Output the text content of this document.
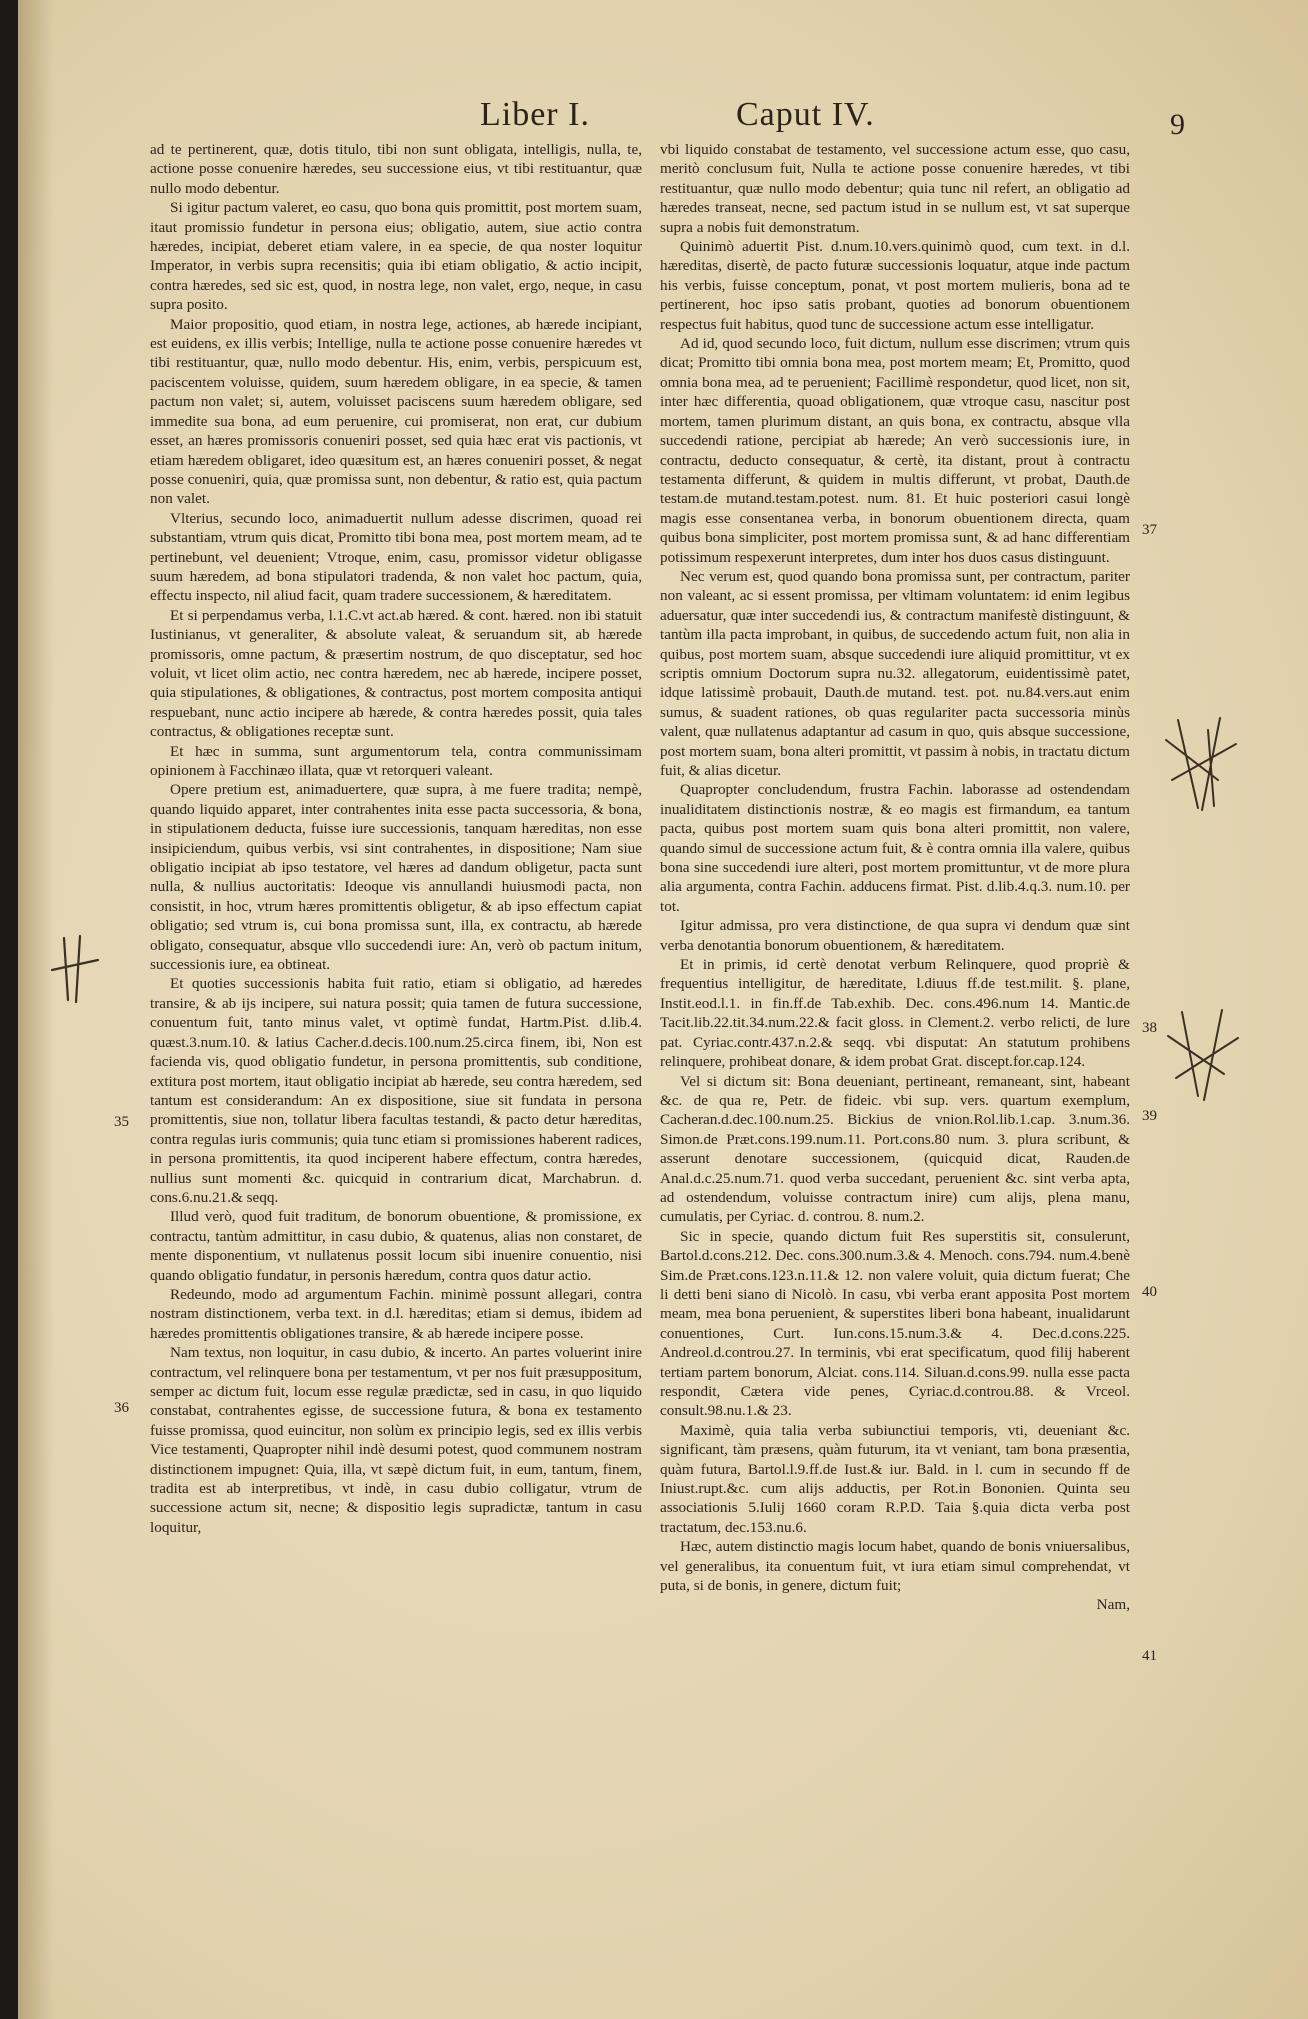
Liber I.	Caput IV.	9

ad te pertinerent, quæ, dotis titulo, tibi non sunt obligata, intelligis, nulla, te, actione posse conuenire hæredes, seu successione eius, vt tibi restituantur, quæ nullo modo debentur.

Si igitur pactum valeret, eo casu, quo bona quis promittit, post mortem suam, itaut promissio fundetur in persona eius; obligatio, autem, siue actio contra hæredes, incipiat, deberet etiam valere, in ea specie, de qua noster loquitur Imperator, in verbis supra recensitis; quia ibi etiam obligatio, & actio incipit, contra hæredes, sed sic est, quod, in nostra lege, non valet, ergo, neque, in casu supra posito.

Maior propositio, quod etiam, in nostra lege, actiones, ab hærede incipiant, est euidens, ex illis verbis; Intellige, nulla te actione posse conuenire hæredes vt tibi restituantur, quæ, nullo modo debentur. His, enim, verbis, perspicuum est, paciscentem voluisse, quidem, suum hæredem obligare, in ea specie, & tamen pactum non valet; si, autem, voluisset paciscens suum hæredem obligare, sed immedite sua bona, ad eum peruenire, cui promiserat, non erat, cur dubium esset, an hæres promissoris conueniri posset, sed quia hæc erat vis pactionis, vt etiam hæredem obligaret, ideo quæsitum est, an hæres conueniri posset, & negat posse conueniri, quia, quæ promissa sunt, non debentur, & ratio est, quia pactum non valet.

Vlterius, secundo loco, animaduertit nullum adesse discrimen, quoad rei substantiam, vtrum quis dicat, Promitto tibi bona mea, post mortem meam, ad te pertinebunt, vel deuenient; Vtroque, enim, casu, promissor videtur obligasse suum hæredem, ad bona stipulatori tradenda, & non valet hoc pactum, quia, effectu inspecto, nil aliud facit, quam tradere successionem, & hæreditatem.

Et si perpendamus verba, l.1.C.vt act.ab hæred. & cont. hæred. non ibi statuit Iustinianus, vt generaliter, & absolute valeat, & seruandum sit, ab hærede promissoris, omne pactum, & præsertim nostrum, de quo disceptatur, sed hoc voluit, vt licet olim actio, nec contra hæredem, nec ab hærede, incipere posset, quia stipulationes, & obligationes, & contractus, post mortem composita antiqui respuebant, nunc actio incipere ab hærede, & contra hæredes possit, quia tales contractus, & obligationes receptæ sunt.

Et hæc in summa, sunt argumentorum tela, contra communissimam opinionem à Facchinæo illata, quæ vt retorqueri valeant.

Opere pretium est, animaduertere, quæ supra, à me fuere tradita; nempè, quando liquido apparet, inter contrahentes inita esse pacta successoria, & bona, in stipulationem deducta, fuisse iure successionis, tanquam hæreditas, non esse insipiciendum, quibus verbis, vsi sint contrahentes, in dispositione; Nam siue obligatio incipiat ab ipso testatore, vel hæres ad dandum obligetur, pacta sunt nulla, & nullius auctoritatis: Ideoque vis annullandi huiusmodi pacta, non consistit, in hoc, vtrum hæres promittentis obligetur, & ab ipso effectum capiat obligatio; sed vtrum is, cui bona promissa sunt, illa, ex contractu, ab hærede obligato, consequatur, absque vllo succedendi iure: An, verò ob pactum initum, successionis iure, ea obtineat.

Et quoties successionis habita fuit ratio, etiam si obligatio, ad hæredes transire, & ab ijs incipere, sui natura possit; quia tamen de futura successione, conuentum fuit, tanto minus valet, vt optimè fundat, Hartm.Pist. d.lib.4. quæst.3.num.10. & latius Cacher.d.decis.100.num.25.circa finem, ibi, Non est facienda vis, quod obligatio fundetur, in persona promittentis, sub conditione, extitura post mortem, itaut obligatio incipiat ab hærede, seu contra hæredem, sed tantum est considerandum: An ex dispositione, siue sit fundata in persona promittentis, siue non, tollatur libera facultas testandi, & pacto detur hæreditas, contra regulas iuris communis; quia tunc etiam si promissiones haberent radices, in persona promittentis, ita quod inciperent habere effectum, contra hæredes, nullius sunt momenti &c. quicquid in contrarium dicat, Marchabrun. d. cons.6.nu.21.& seqq.

Illud verò, quod fuit traditum, de bonorum obuentione, & promissione, ex contractu, tantùm admittitur, in casu dubio, & quatenus, alias non constaret, de mente disponentium, vt nullatenus possit locum sibi inuenire conuentio, nisi quando obligatio fundatur, in personis hæredum, contra quos datur actio.

Redeundo, modo ad argumentum Fachin. minimè possunt allegari, contra nostram distinctionem, verba text. in d.l. hæreditas; etiam si demus, ibidem ad hæredes promittentis obligationes transire, & ab hærede incipere posse.

Nam textus, non loquitur, in casu dubio, & incerto. An partes voluerint inire contractum, vel relinquere bona per testamentum, vt per nos fuit præsuppositum, semper ac dictum fuit, locum esse regulæ prædictæ, sed in casu, in quo liquido constabat, contrahentes egisse, de successione futura, & bona ex testamento fuisse promissa, quod euincitur, non solùm ex principio legis, sed ex illis verbis Vice testamenti, Quapropter nihil indè desumi potest, quod communem nostram distinctionem impugnet: Quia, illa, vt sæpè dictum fuit, in eum, tantum, finem, tradita est ab interpretibus, vt indè, in casu dubio colligatur, vtrum de successione actum sit, necne; & dispositio legis supradictæ, tantum in casu loquitur,

vbi liquido constabat de testamento, vel successione actum esse, quo casu, meritò conclusum fuit, Nulla te actione posse conuenire hæredes, vt tibi restituantur, quæ nullo modo debentur; quia tunc nil refert, an obligatio ad hæredes transeat, necne, sed pactum istud in se nullum est, vt sat superque supra a nobis fuit demonstratum.

Quinimò aduertit Pist. d.num.10.vers.quinimò quod, cum text. in d.l. hæreditas, disertè, de pacto futuræ successionis loquatur, atque inde pactum his verbis, fuisse conceptum, ponat, vt post mortem mulieris, bona ad te pertinerent, hoc ipso satis probant, quoties ad bonorum obuentionem respectus fuit habitus, quod tunc de successione actum esse intelligatur.

Ad id, quod secundo loco, fuit dictum, nullum esse discrimen; vtrum quis dicat; Promitto tibi omnia bona mea, post mortem meam; Et, Promitto, quod omnia bona mea, ad te peruenient; Facillimè respondetur, quod licet, non sit, inter hæc differentia, quoad obligationem, quæ vtroque casu, nascitur post mortem, tamen plurimum distant, an quis bona, ex contractu, absque vlla succedendi ratione, percipiat ab hærede; An verò successionis iure, in contractu, deducto consequatur, & certè, ita distant, prout à contractu testamenta differunt, & quidem in multis differunt, vt probat, Dauth.de testam.de mutand.testam.potest. num. 81. Et huic posteriori casui longè magis esse consentanea verba, in bonorum obuentionem directa, quam quibus bona simpliciter, post mortem promissa sunt, & ad hanc differentiam potissimum respexerunt interpretes, dum inter hos duos casus distinguunt.

Nec verum est, quod quando bona promissa sunt, per contractum, pariter non valeant, ac si essent promissa, per vltimam voluntatem: id enim legibus aduersatur, quæ inter succedendi ius, & contractum manifestè distinguunt, & tantùm illa pacta improbant, in quibus, de succedendo actum fuit, non alia in quibus, post mortem suam, absque succedendi iure aliquid promittitur, vt ex scriptis omnium Doctorum supra nu.32. allegatorum, euidentissimè patet, idque latissimè probauit, Dauth.de mutand. test. pot. nu.84.vers.aut enim sumus, & suadent rationes, ob quas regulariter pacta successoria minùs valent, quæ nullatenus adaptantur ad casum in quo, quis absque successione, post mortem suam, bona alteri promittit, vt passim à nobis, in tractatu dictum fuit, & alias dicetur.

Quapropter concludendum, frustra Fachin. laborasse ad ostendendam inualiditatem distinctionis nostræ, & eo magis est firmandum, ea tantum pacta, quibus post mortem suam quis bona alteri promittit, non valere, quando simul de successione actum fuit, & è contra omnia illa valere, quibus bona sine succedendi iure alteri, post mortem promittuntur, vt de more plura alia argumenta, contra Fachin. adducens firmat. Pist. d.lib.4.q.3. num.10. per tot.

Igitur admissa, pro vera distinctione, de qua supra vi dendum quæ sint verba denotantia bonorum obuentionem, & hæreditatem.

Et in primis, id certè denotat verbum Relinquere, quod propriè & frequentius intelligitur, de hæreditate, l.diuus ff.de test.milit. §. plane, Instit.eod.l.1. in fin.ff.de Tab.exhib. Dec. cons.496.num 14. Mantic.de Tacit.lib.22.tit.34.num.22.& facit gloss. in Clement.2. verbo relicti, de lure pat. Cyriac.contr.437.n.2.& seqq. vbi disputat: An statutum prohibens relinquere, prohibeat donare, & idem probat Grat. discept.for.cap.124.

Vel si dictum sit: Bona deueniant, pertineant, remaneant, sint, habeant &c. de qua re, Petr. de fideic. vbi sup. vers. quartum exemplum, Cacheran.d.dec.100.num.25. Bickius de vnion.Rol.lib.1.cap. 3.num.36. Simon.de Præt.cons.199.num.11. Port.cons.80 num. 3. plura scribunt, & asserunt denotare successionem, (quicquid dicat, Rauden.de Anal.d.c.25.num.71. quod verba succedant, peruenient &c. sint verba apta, ad ostendendum, voluisse contractum inire) cum alijs, plena manu, cumulatis, per Cyriac. d. controu. 8. num.2.

Sic in specie, quando dictum fuit Res superstitis sit, consulerunt, Bartol.d.cons.212. Dec. cons.300.num.3.& 4. Menoch. cons.794. num.4.benè Sim.de Præt.cons.123.n.11.& 12. non valere voluit, quia dictum fuerat; Che li detti beni siano di Nicolò. In casu, vbi verba erant apposita Post mortem meam, mea bona peruenient, & superstites liberi bona habeant, inualidarunt conuentiones, Curt. Iun.cons.15.num.3.& 4. Dec.d.cons.225. Andreol.d.controu.27. In terminis, vbi erat specificatum, quod filij haberent tertiam partem bonorum, Alciat. cons.114. Siluan.d.cons.99. nulla esse pacta respondit, Cætera vide penes, Cyriac.d.controu.88. & Vrceol. consult.98.nu.1.& 23.

Maximè, quia talia verba subiunctiui temporis, vti, deueniant &c. significant, tàm præsens, quàm futurum, ita vt veniant, tam bona præsentia, quàm futura, Bartol.l.9.ff.de Iust.& iur. Bald. in l. cum in secundo ff de Iniust.rupt.&c. cum alijs adductis, per Rot.in Bononien. Quinta seu associationis 5.Iulij 1660 coram R.P.D. Taia §.quia dicta verba post tractatum, dec.153.nu.6.

Hæc, autem distinctio magis locum habet, quando de bonis vniuersalibus, vel generalibus, ita conuentum fuit, vt iura etiam simul comprehendat, vt puta, si de bonis, in genere, dictum fuit;

Nam,

35
36
37
38
39
40
41
